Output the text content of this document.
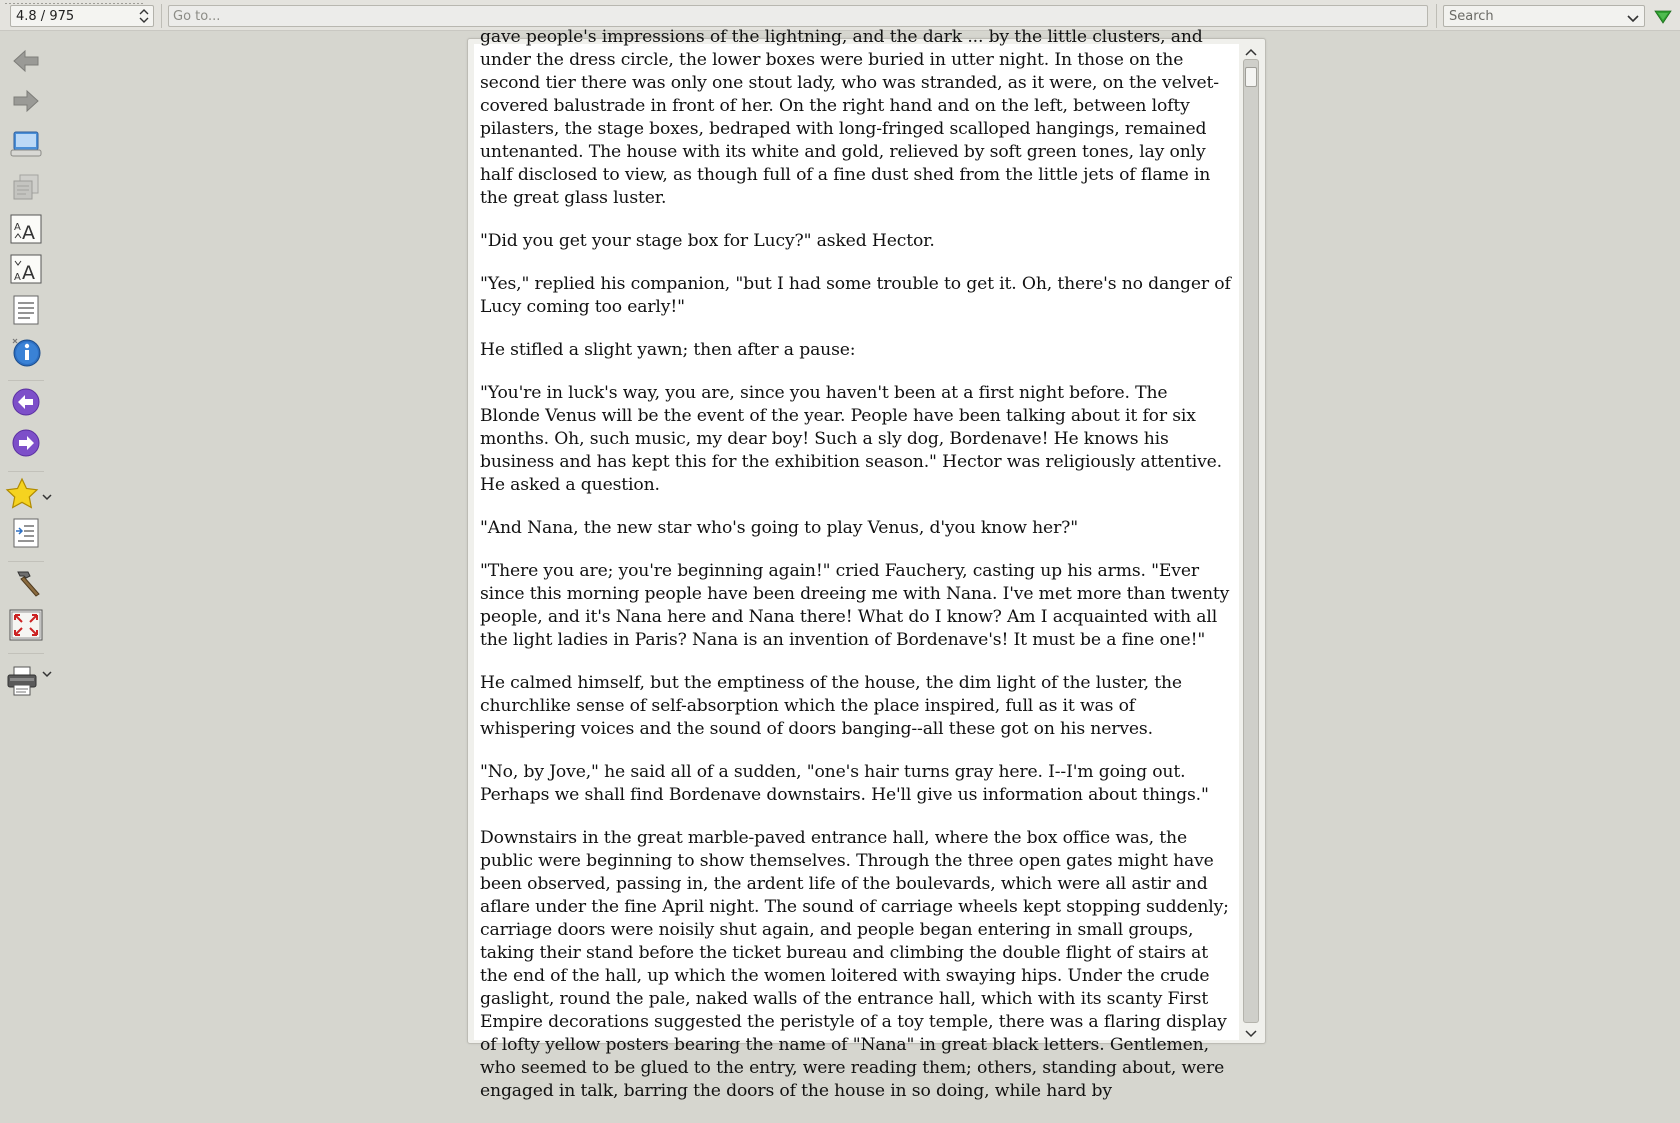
4.8 / 975
Go to...	Search
A A
A A

gave people's impressions of the lightning, and the dark ... by the little clusters, and under the dress circle, the lower boxes were buried in utter night. In those on the second tier there was only one stout lady, who was stranded, as it were, on the velvet-covered balustrade in front of her. On the right hand and on the left, between lofty pilasters, the stage boxes, bedraped with long-fringed scalloped hangings, remained untenanted. The house with its white and gold, relieved by soft green tones, lay only half disclosed to view, as though full of a fine dust shed from the little jets of flame in the great glass luster.

"Did you get your stage box for Lucy?" asked Hector.

"Yes," replied his companion, "but I had some trouble to get it. Oh, there's no danger of Lucy coming too early!"

He stifled a slight yawn; then after a pause:

"You're in luck's way, you are, since you haven't been at a first night before. The Blonde Venus will be the event of the year. People have been talking about it for six months. Oh, such music, my dear boy! Such a sly dog, Bordenave! He knows his business and has kept this for the exhibition season." Hector was religiously attentive. He asked a question.

"And Nana, the new star who's going to play Venus, d'you know her?"

"There you are; you're beginning again!" cried Fauchery, casting up his arms. "Ever since this morning people have been dreeing me with Nana. I've met more than twenty people, and it's Nana here and Nana there! What do I know? Am I acquainted with all the light ladies in Paris? Nana is an invention of Bordenave's! It must be a fine one!"

He calmed himself, but the emptiness of the house, the dim light of the luster, the churchlike sense of self-absorption which the place inspired, full as it was of whispering voices and the sound of doors banging--all these got on his nerves.

"No, by Jove," he said all of a sudden, "one's hair turns gray here. I--I'm going out. Perhaps we shall find Bordenave downstairs. He'll give us information about things."

Downstairs in the great marble-paved entrance hall, where the box office was, the public were beginning to show themselves. Through the three open gates might have been observed, passing in, the ardent life of the boulevards, which were all astir and aflare under the fine April night. The sound of carriage wheels kept stopping suddenly; carriage doors were noisily shut again, and people began entering in small groups, taking their stand before the ticket bureau and climbing the double flight of stairs at the end of the hall, up which the women loitered with swaying hips. Under the crude gaslight, round the pale, naked walls of the entrance hall, which with its scanty First Empire decorations suggested the peristyle of a toy temple, there was a flaring display of lofty yellow posters bearing the name of "Nana" in great black letters. Gentlemen, who seemed to be glued to the entry, were reading them; others, standing about, were engaged in talk, barring the doors of the house in so doing, while hard by
